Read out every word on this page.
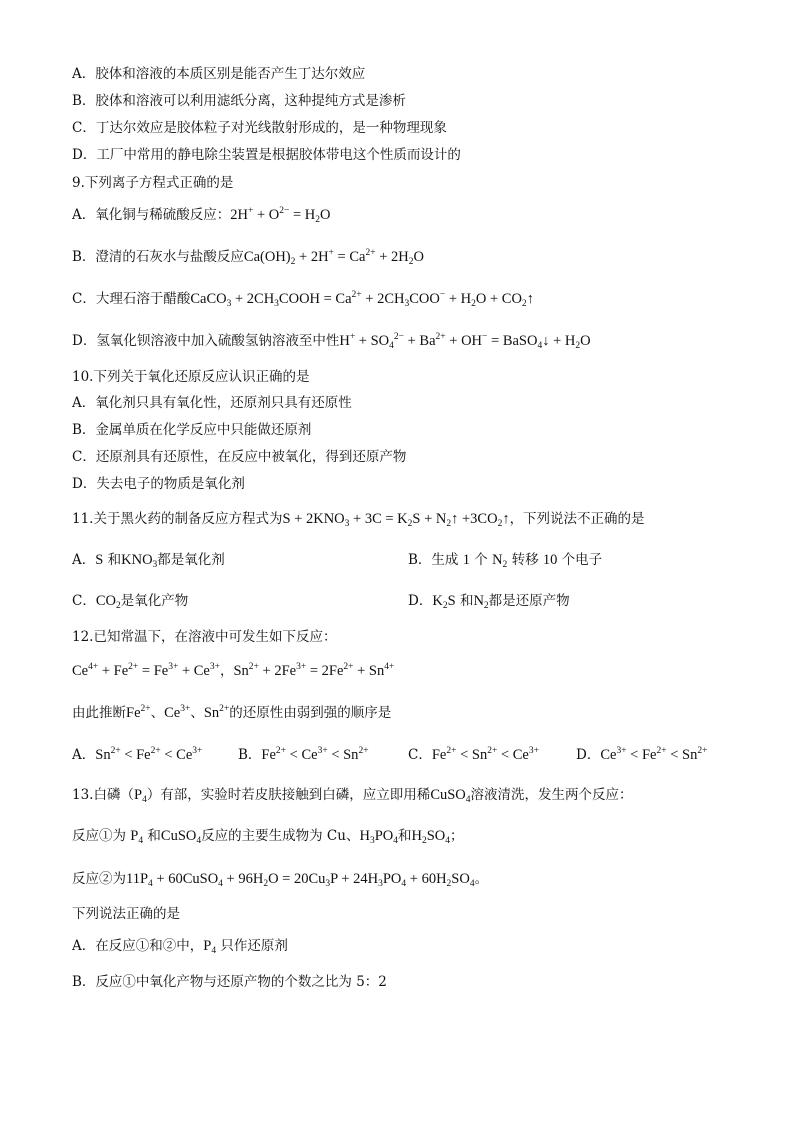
A．胶体和溶液的本质区别是能否产生丁达尔效应
B．胶体和溶液可以利用滤纸分离，这种提纯方式是渗析
C．丁达尔效应是胶体粒子对光线散射形成的，是一种物理现象
D．工厂中常用的静电除尘装置是根据胶体带电这个性质而设计的
9.下列离子方程式正确的是
A．氧化铜与稀硫酸反应：$2H^+ + O^{2-} = H_2O$
B．澄清的石灰水与盐酸反应$Ca(OH)_2 + 2H^+ = Ca^{2+} + 2H_2O$
C．大理石溶于醋酸CaCO$_3$ + $2CH_3COOH = Ca^{2+} + 2CH_3COO^- + H_2O$ + $CO_2↑$
D．氢氧化钡溶液中加入硫酸氢钠溶液至中性$H^+ + SO_4^{2-} + Ba^{2+} + OH^-$ = BaSO$_4$↓ + $H_2O$
10.下列关于氧化还原反应认识正确的是
A．氧化剂只具有氧化性，还原剂只具有还原性
B．金属单质在化学反应中只能做还原剂
C．还原剂具有还原性，在反应中被氧化，得到还原产物
D．失去电子的物质是氧化剂
11.关于黑火药的制备反应方程式为$S + 2KNO_3 + 3C = K_2S$ + $N_2↑$ $+3CO_2↑$，下列说法不正确的是
A．S 和$KNO_3$都是氧化剂	B．生成 1 个 $N_2$ 转移 10 个电子
C．$CO_2$是氧化产物	D．$K_2S$ 和$N_2$都是还原产物
12.已知常温下，在溶液中可发生如下反应：
$Ce^{4+} + Fe^{2+} = Fe^{3+} + Ce^{3+}$，$Sn^{2+} + 2Fe^{3+} = 2Fe^{2+} + Sn^{4+}$
由此推断$Fe^{2+}$、$Ce^{3+}$、$Sn^{2+}$的还原性由弱到强的顺序是
A．$Sn^{2+} < Fe^{2+} < Ce^{3+}$	B．$Fe^{2+} < Ce^{3+} < Sn^{2+}$	C．$Fe^{2+} < Sn^{2+} < Ce^{3+}$	D．$Ce^{3+} < Fe^{2+} < Sn^{2+}$
13.白磷$(P_4)$有部，实验时若皮肤接触到白磷，应立即用稀CuSO$_4$溶液清洗，发生两个反应：
反应①为 $P_4$ 和CuSO$_4$反应的主要生成物为 Cu、$H_3PO_4$和$H_2SO_4$；
反应②为$11P_4$ + 60CuSO$_4$ + $96H_2O = 20Cu_3P + 24H_3PO_4 + 60H_2SO_4$。
下列说法正确的是
A．在反应①和②中，$P_4$ 只作还原剂
B．反应①中氧化产物与还原产物的个数之比为 5：2
